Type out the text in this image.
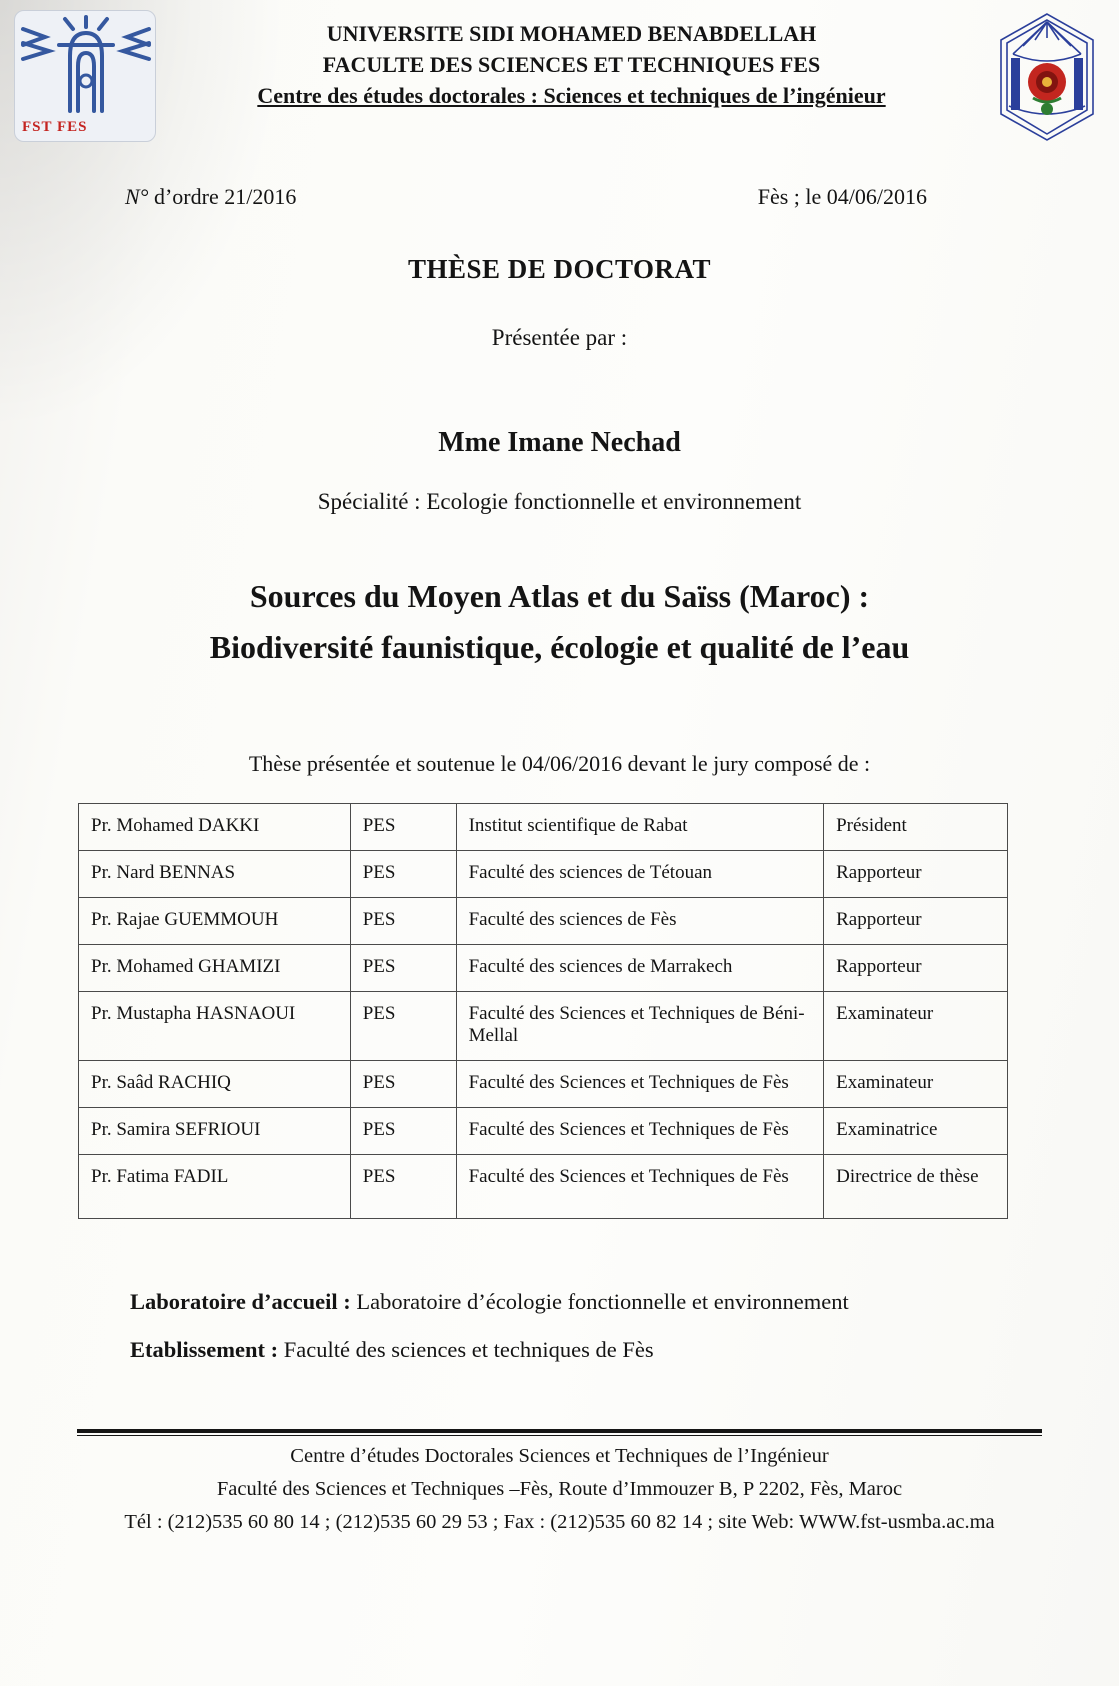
FST FES
UNIVERSITE SIDI MOHAMED BENABDELLAH
FACULTE DES SCIENCES ET TECHNIQUES FES
Centre des études doctorales : Sciences et techniques de l’ingénieur
N° d’ordre 21/2016	Fès ; le 04/06/2016
THÈSE DE DOCTORAT
Présentée par :
Mme Imane Nechad
Spécialité : Ecologie fonctionnelle et environnement
Sources du Moyen Atlas et du Saïss (Maroc) :
Biodiversité faunistique, écologie et qualité de l’eau
Thèse présentée et soutenue le 04/06/2016 devant le jury composé de :
Pr. Mohamed DAKKI	PES	Institut scientifique de Rabat	Président
Pr. Nard BENNAS	PES	Faculté des sciences de Tétouan	Rapporteur
Pr. Rajae GUEMMOUH	PES	Faculté des sciences de Fès	Rapporteur
Pr. Mohamed GHAMIZI	PES	Faculté des sciences de Marrakech	Rapporteur
Pr. Mustapha HASNAOUI	PES	Faculté des Sciences et Techniques de Béni-Mellal	Examinateur
Pr. Saâd RACHIQ	PES	Faculté des Sciences et Techniques de Fès	Examinateur
Pr. Samira SEFRIOUI	PES	Faculté des Sciences et Techniques de Fès	Examinatrice
Pr. Fatima FADIL	PES	Faculté des Sciences et Techniques de Fès	Directrice de thèse
Laboratoire d’accueil : Laboratoire d’écologie fonctionnelle et environnement
Etablissement : Faculté des sciences et techniques de Fès
Centre d’études Doctorales Sciences et Techniques de l’Ingénieur
Faculté des Sciences et Techniques –Fès, Route d’Immouzer B, P 2202, Fès, Maroc
Tél : (212)535 60 80 14 ; (212)535 60 29 53 ; Fax : (212)535 60 82 14 ; site Web: WWW.fst-usmba.ac.ma
